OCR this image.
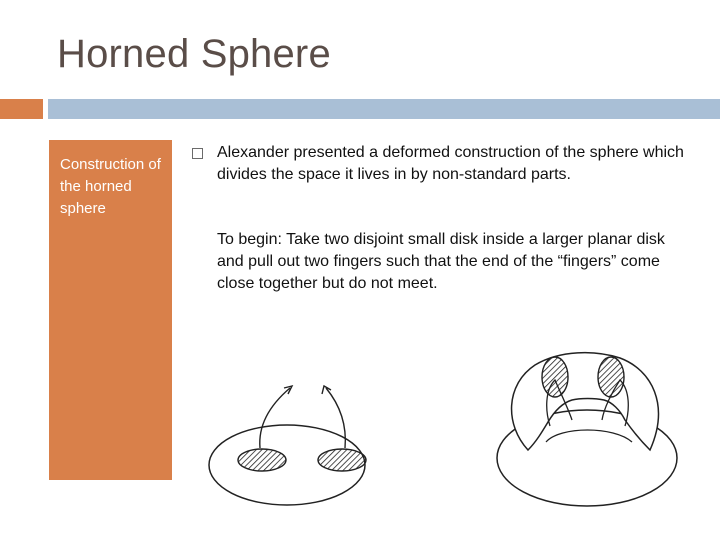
Horned Sphere
Construction of the horned sphere

Alexander presented a deformed construction of the sphere which divides the space it lives in by non-standard parts.

To begin: Take two disjoint small disk inside a larger planar disk and pull out two fingers such that the end of the “fingers” come close together but do not meet.
